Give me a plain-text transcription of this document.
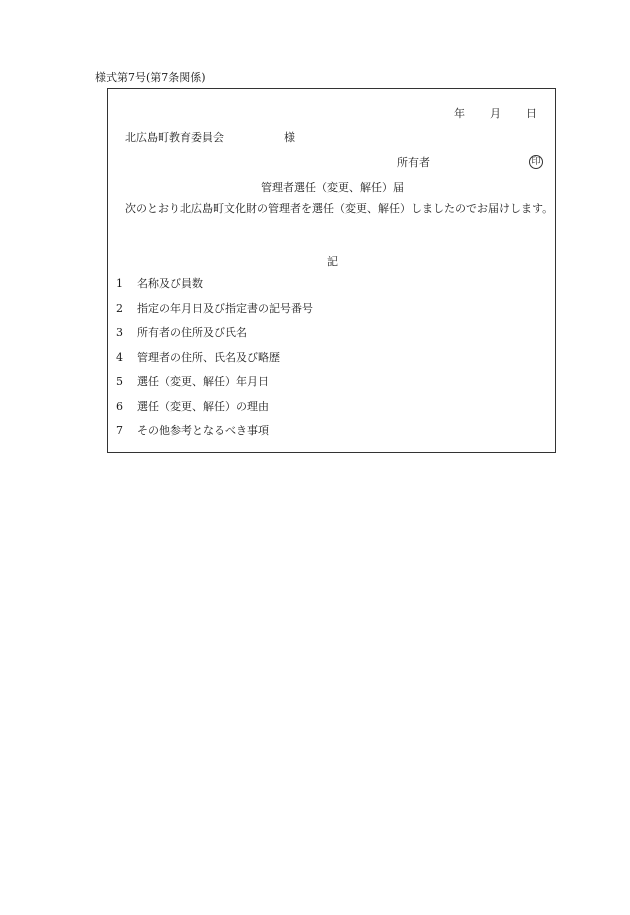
様式第7号(第7条関係)
年 月 日
北広島町教育委員会	様
所有者	印
管理者選任（変更、解任）届
次のとおり北広島町文化財の管理者を選任（変更、解任）しましたのでお届けします。
記
1	名称及び員数
2	指定の年月日及び指定書の記号番号
3	所有者の住所及び氏名
4	管理者の住所、氏名及び略歴
5	選任（変更、解任）年月日
6	選任（変更、解任）の理由
7	その他参考となるべき事項
